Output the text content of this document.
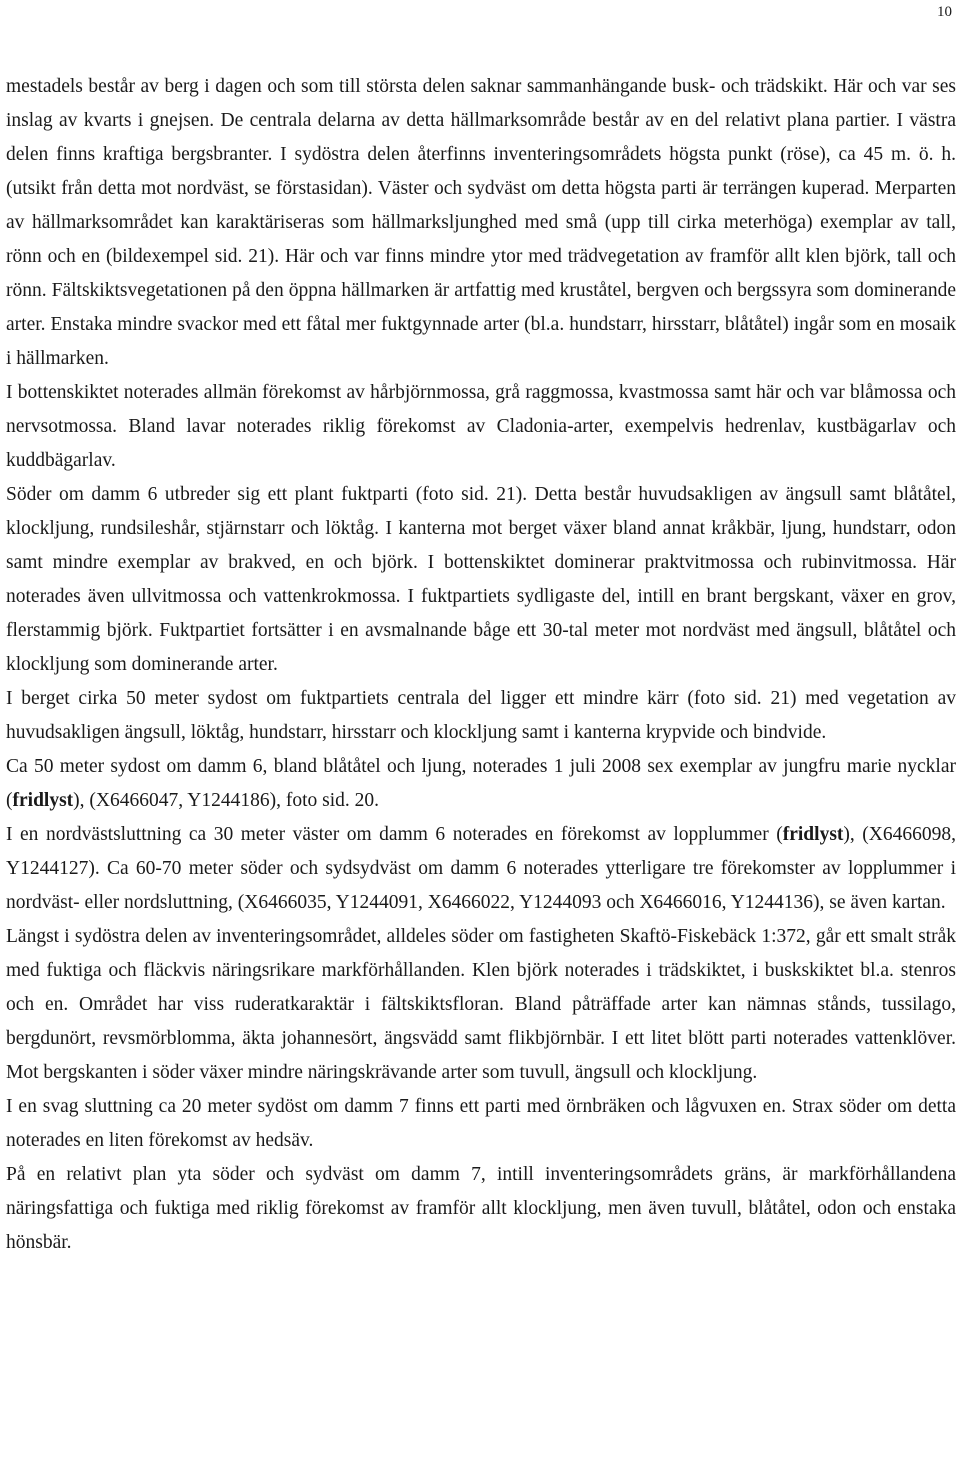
10

mestadels består av berg i dagen och som till största delen saknar sammanhängande busk- och trädskikt. Här och var ses inslag av kvarts i gnejsen. De centrala delarna av detta hällmarksområde består av en del relativt plana partier. I västra delen finns kraftiga bergsbranter. I sydöstra delen återfinns inventeringsområdets högsta punkt (röse), ca 45 m. ö. h. (utsikt från detta mot nordväst, se förstasidan). Väster och sydväst om detta högsta parti är terrängen kuperad. Merparten av hällmarksområdet kan karaktäriseras som hällmarksljunghed med små (upp till cirka meterhöga) exemplar av tall, rönn och en (bildexempel sid. 21). Här och var finns mindre ytor med trädvegetation av framför allt klen björk, tall och rönn. Fältskiktsvegetationen på den öppna hällmarken är artfattig med kruståtel, bergven och bergssyra som dominerande arter. Enstaka mindre svackor med ett fåtal mer fuktgynnade arter (bl.a. hundstarr, hirsstarr, blåtåtel) ingår som en mosaik i hällmarken.

I bottenskiktet noterades allmän förekomst av hårbjörnmossa, grå raggmossa, kvastmossa samt här och var blåmossa och nervsotmossa. Bland lavar noterades riklig förekomst av Cladonia-arter, exempelvis hedrenlav, kustbägarlav och kuddbägarlav.

Söder om damm 6 utbreder sig ett plant fuktparti (foto sid. 21). Detta består huvudsakligen av ängsull samt blåtåtel, klockljung, rundsileshår, stjärnstarr och löktåg. I kanterna mot berget växer bland annat kråkbär, ljung, hundstarr, odon samt mindre exemplar av brakved, en och björk. I bottenskiktet dominerar praktvitmossa och rubinvitmossa. Här noterades även ullvitmossa och vattenkrokmossa. I fuktpartiets sydligaste del, intill en brant bergskant, växer en grov, flerstammig björk. Fuktpartiet fortsätter i en avsmalnande båge ett 30-tal meter mot nordväst med ängsull, blåtåtel och klockljung som dominerande arter.

I berget cirka 50 meter sydost om fuktpartiets centrala del ligger ett mindre kärr (foto sid. 21) med vegetation av huvudsakligen ängsull, löktåg, hundstarr, hirsstarr och klockljung samt i kanterna krypvide och bindvide.

Ca 50 meter sydost om damm 6, bland blåtåtel och ljung, noterades 1 juli 2008 sex exemplar av jungfru marie nycklar (fridlyst), (X6466047, Y1244186), foto sid. 20.

I en nordvästsluttning ca 30 meter väster om damm 6 noterades en förekomst av lopplummer (fridlyst), (X6466098, Y1244127). Ca 60-70 meter söder och sydsydväst om damm 6 noterades ytterligare tre förekomster av lopplummer i nordväst- eller nordsluttning, (X6466035, Y1244091, X6466022, Y1244093 och X6466016, Y1244136), se även kartan.

Längst i sydöstra delen av inventeringsområdet, alldeles söder om fastigheten Skaftö-Fiskebäck 1:372, går ett smalt stråk med fuktiga och fläckvis näringsrikare markförhållanden. Klen björk noterades i trädskiktet, i buskskiktet bl.a. stenros och en. Området har viss ruderatkaraktär i fältskiktsfloran. Bland påträffade arter kan nämnas stånds, tussilago, bergdunört, revsmörblomma, äkta johannesört, ängsvädd samt flikbjörnbär. I ett litet blött parti noterades vattenklöver. Mot bergskanten i söder växer mindre näringskrävande arter som tuvull, ängsull och klockljung.

I en svag sluttning ca 20 meter sydöst om damm 7 finns ett parti med örnbräken och lågvuxen en. Strax söder om detta noterades en liten förekomst av hedsäv.

På en relativt plan yta söder och sydväst om damm 7, intill inventeringsområdets gräns, är markförhållandena näringsfattiga och fuktiga med riklig förekomst av framför allt klockljung, men även tuvull, blåtåtel, odon och enstaka hönsbär.
